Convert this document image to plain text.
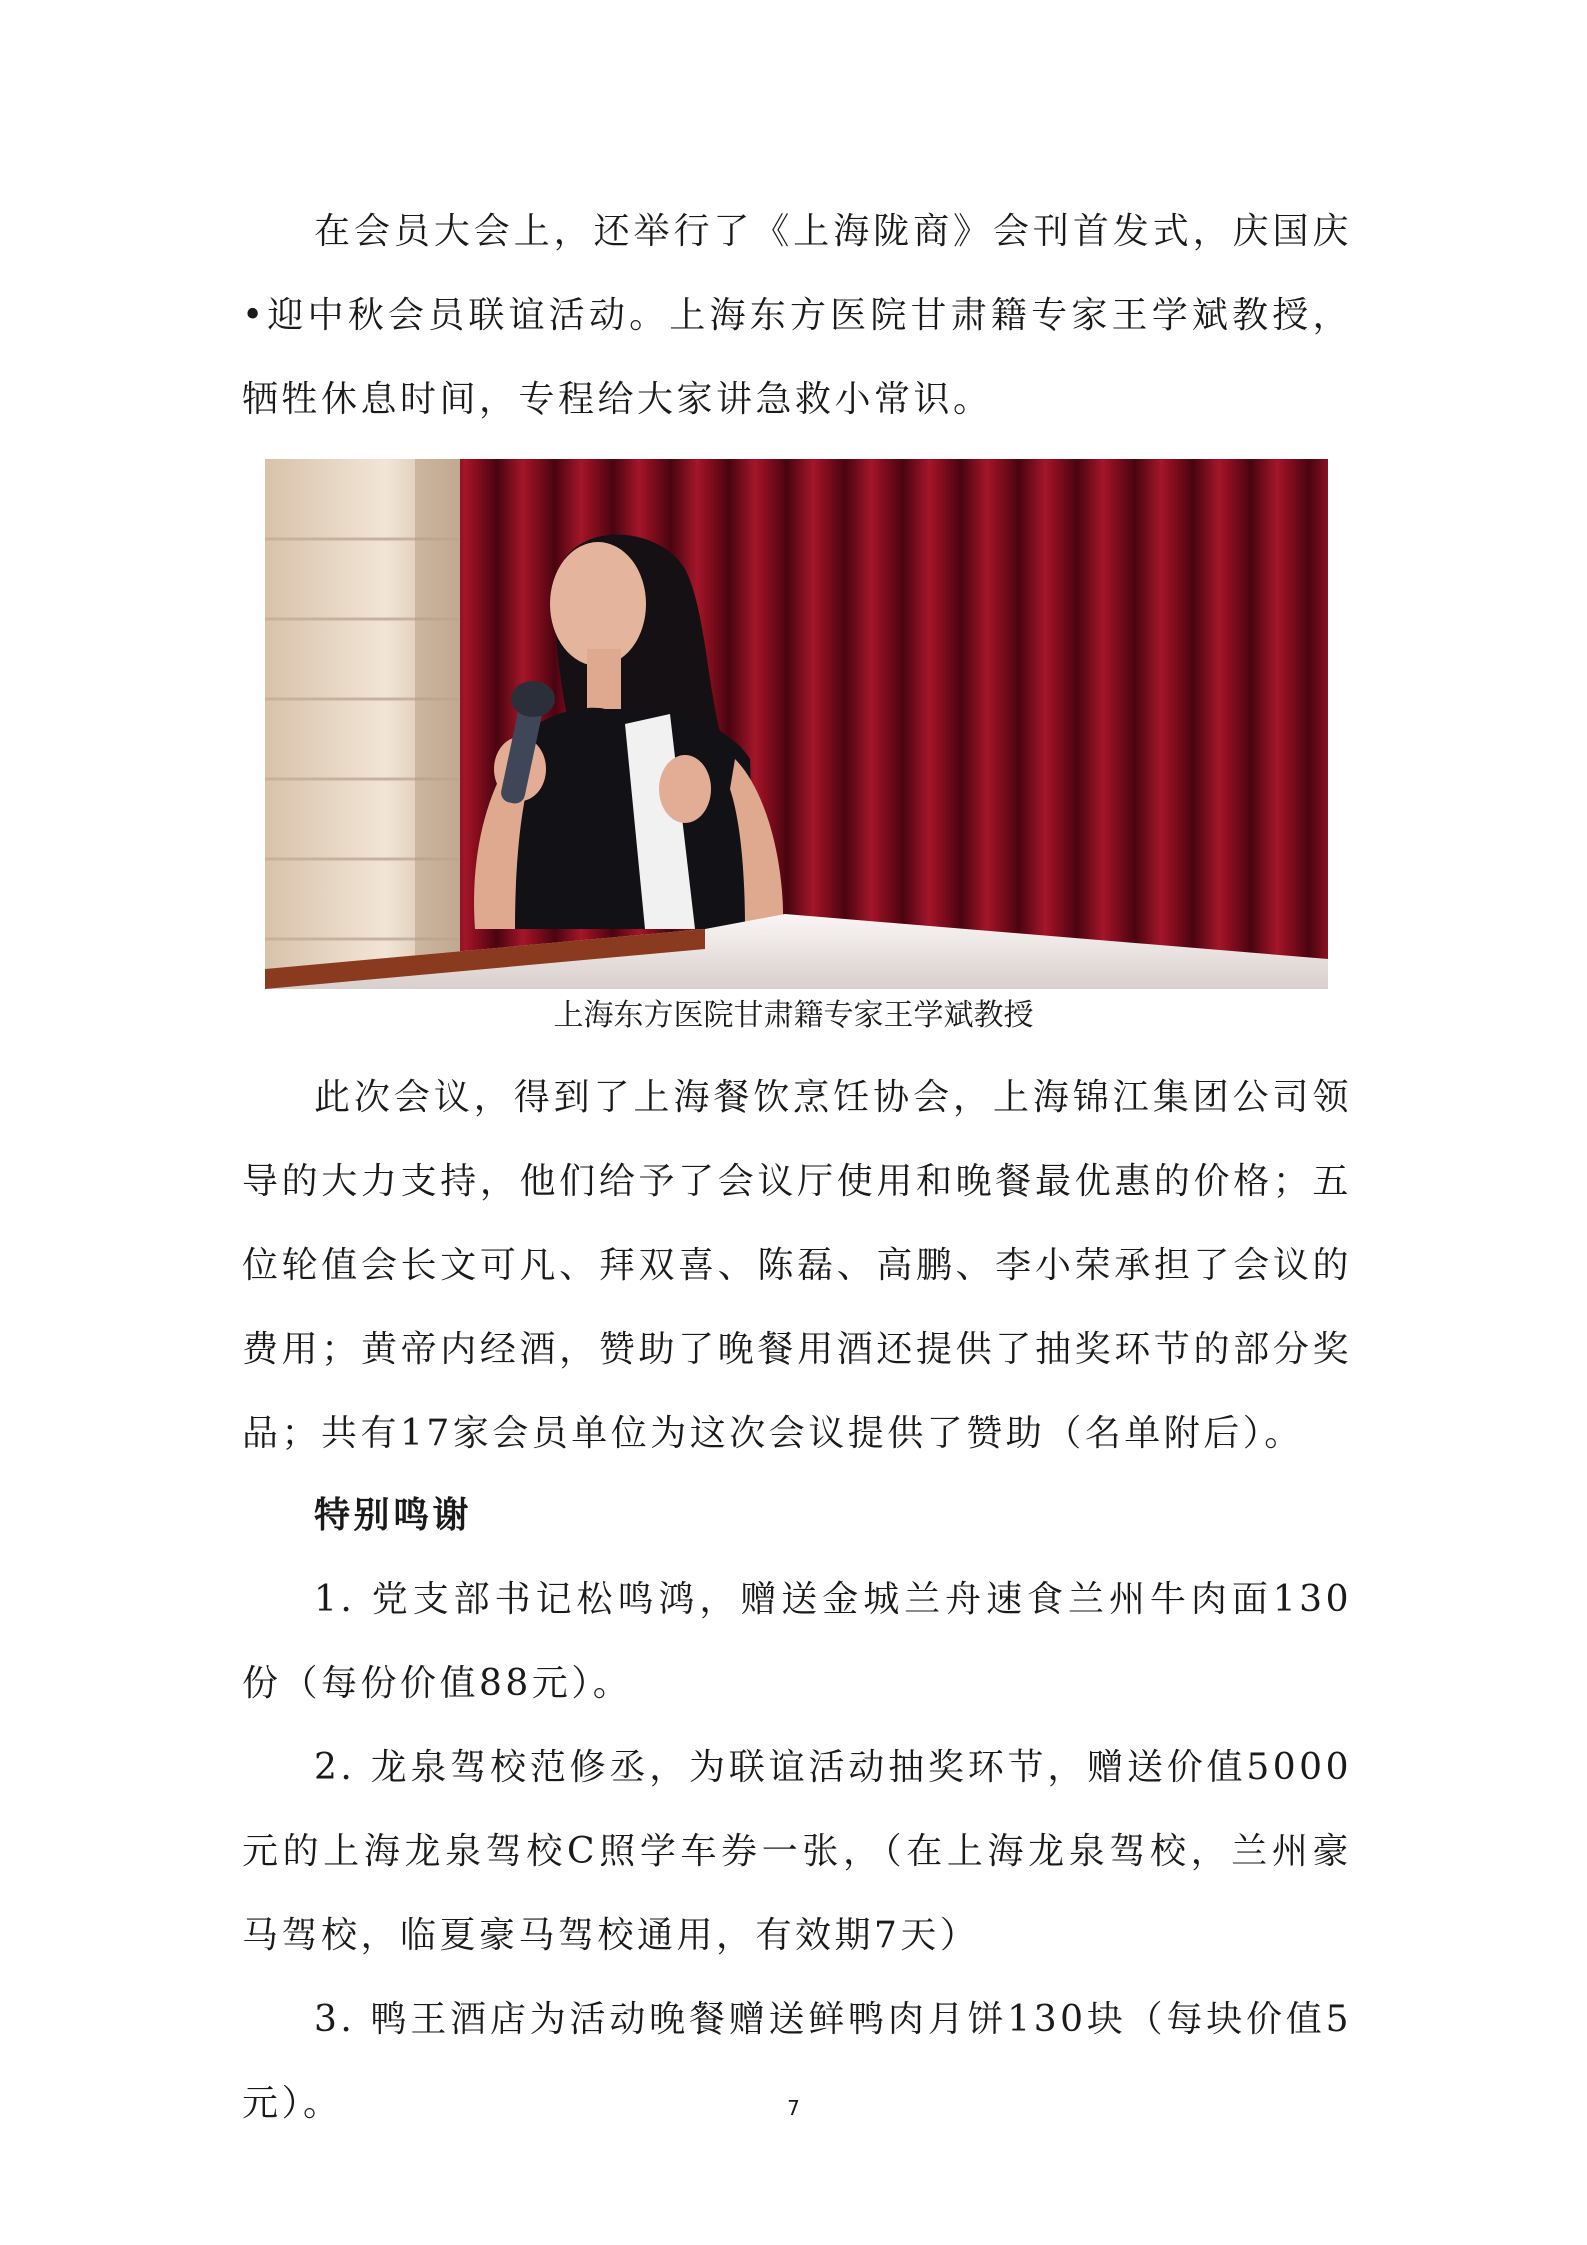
在会员大会上，还举行了《上海陇商》会刊首发式，庆国庆•迎中秋会员联谊活动。上海东方医院甘肃籍专家王学斌教授，牺牲休息时间，专程给大家讲急救小常识。

上海东方医院甘肃籍专家王学斌教授

此次会议，得到了上海餐饮烹饪协会，上海锦江集团公司领导的大力支持，他们给予了会议厅使用和晚餐最优惠的价格；五位轮值会长文可凡、拜双喜、陈磊、高鹏、李小荣承担了会议的费用；黄帝内经酒，赞助了晚餐用酒还提供了抽奖环节的部分奖品；共有17家会员单位为这次会议提供了赞助（名单附后）。

特别鸣谢

1. 党支部书记松鸣鸿，赠送金城兰舟速食兰州牛肉面130份（每份价值88元）。

2. 龙泉驾校范修丞，为联谊活动抽奖环节，赠送价值5000元的上海龙泉驾校C照学车券一张，（在上海龙泉驾校，兰州豪马驾校，临夏豪马驾校通用，有效期7天）

3. 鸭王酒店为活动晚餐赠送鲜鸭肉月饼130块（每块价值5元）。	7
